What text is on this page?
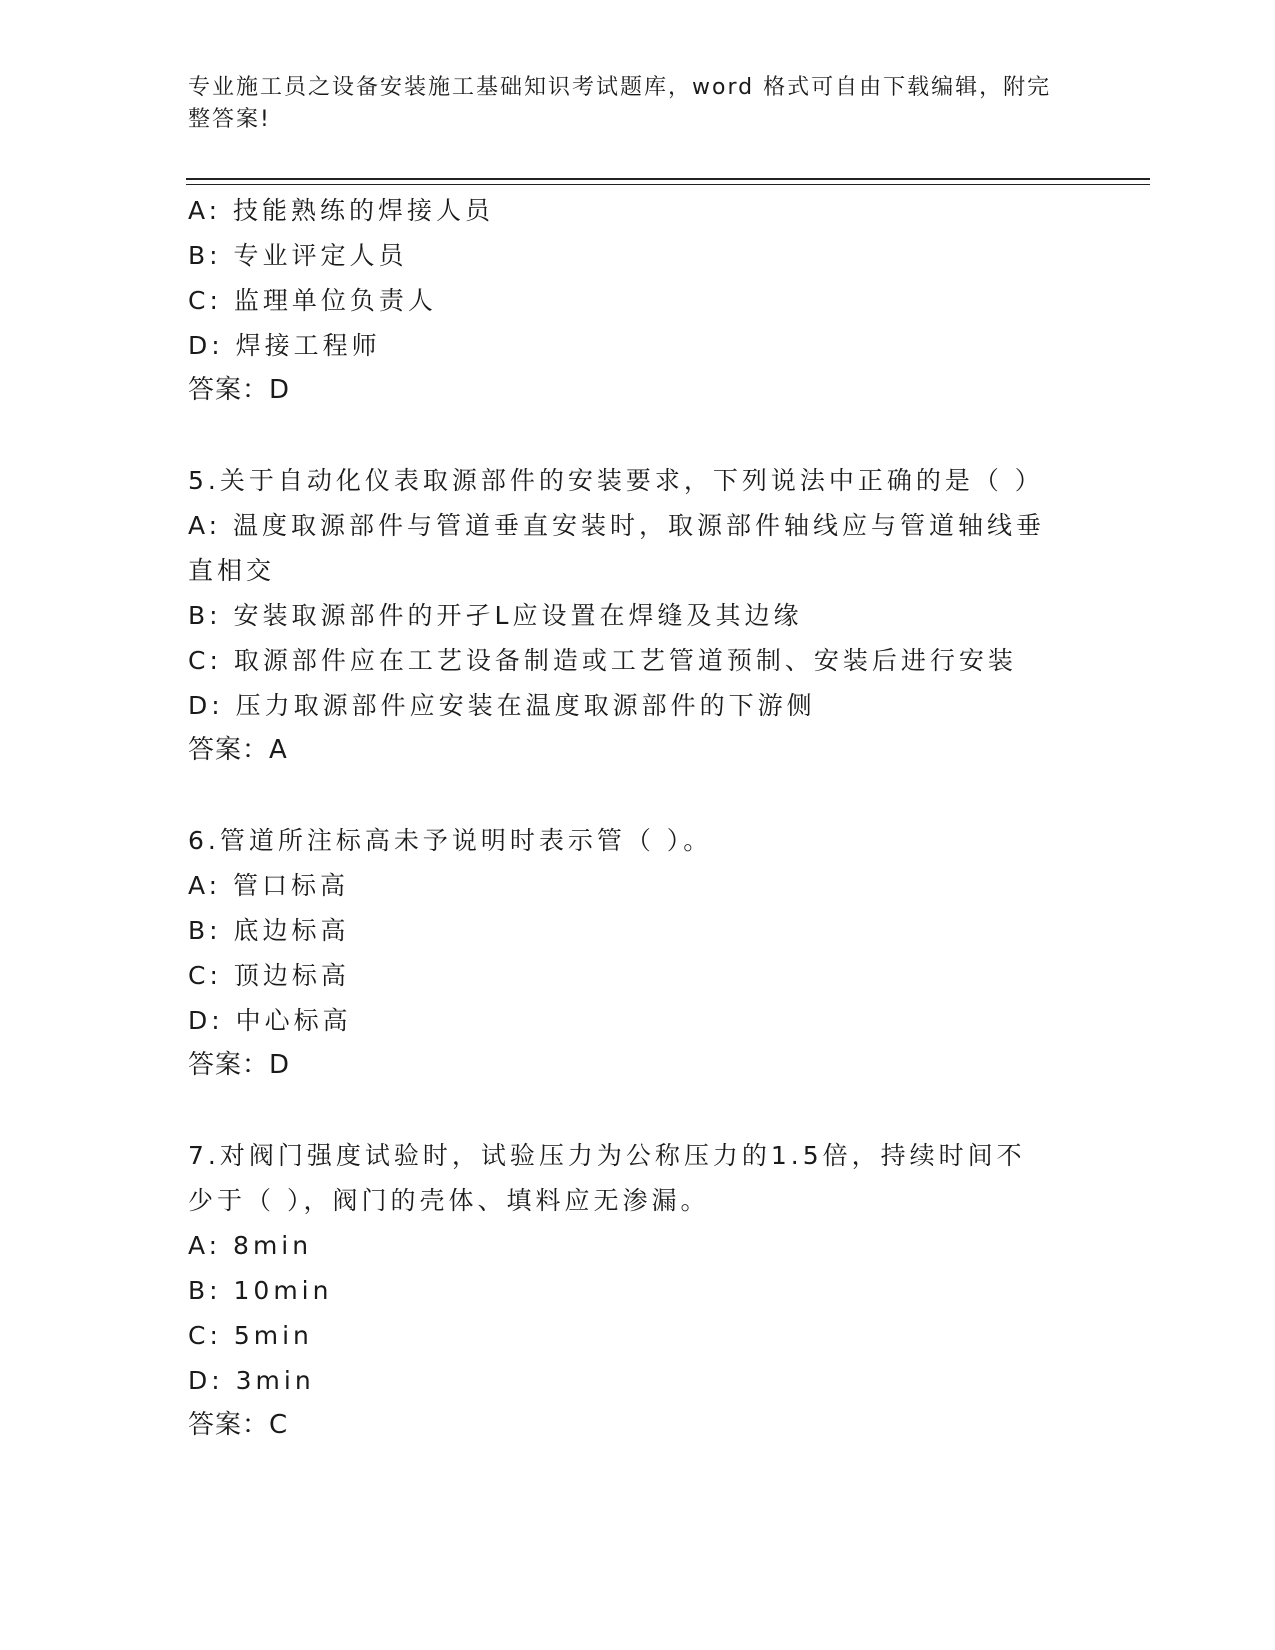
专业施工员之设备安装施工基础知识考试题库，word 格式可自由下载编辑，附完整答案!
A: 技能熟练的焊接人员
B: 专业评定人员
C: 监理单位负责人
D: 焊接工程师
答案：D
5.关于自动化仪表取源部件的安装要求，下列说法中正确的是（ ）
A: 温度取源部件与管道垂直安装时，取源部件轴线应与管道轴线垂直相交
B: 安装取源部件的开孑L应设置在焊缝及其边缘
C: 取源部件应在工艺设备制造或工艺管道预制、安装后进行安装
D: 压力取源部件应安装在温度取源部件的下游侧
答案：A
6.管道所注标高未予说明时表示管（ ）。
A: 管口标高
B: 底边标高
C: 顶边标高
D: 中心标高
答案：D
7.对阀门强度试验时，试验压力为公称压力的1.5倍，持续时间不少于（ ），阀门的壳体、填料应无渗漏。
A: 8min
B: 10min
C: 5min
D: 3min
答案：C
